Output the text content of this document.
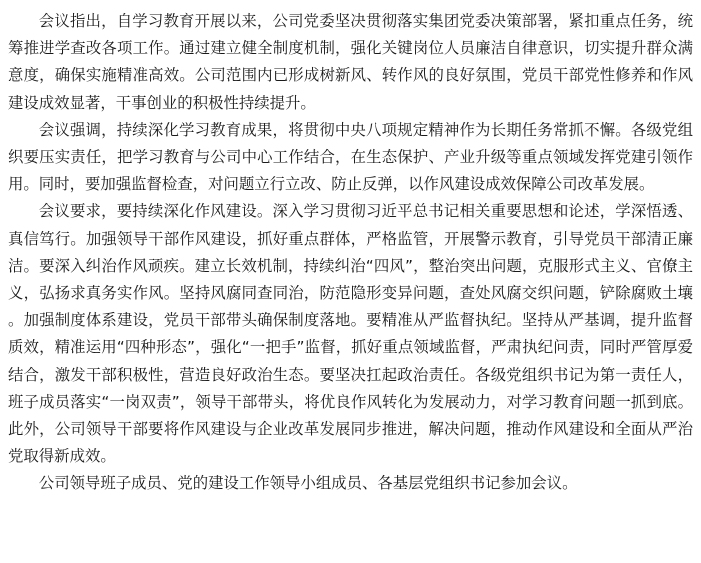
会议指出，自学习教育开展以来，公司党委坚决贯彻落实集团党委决策部署，紧扣重点任务，统筹推进学查改各项工作。通过建立健全制度机制，强化关键岗位人员廉洁自律意识，切实提升群众满意度，确保实施精准高效。公司范围内已形成树新风、转作风的良好氛围，党员干部党性修养和作风建设成效显著，干事创业的积极性持续提升。

会议强调，持续深化学习教育成果，将贯彻中央八项规定精神作为长期任务常抓不懈。各级党组织要压实责任，把学习教育与公司中心工作结合，在生态保护、产业升级等重点领域发挥党建引领作用。同时，要加强监督检查，对问题立行立改、防止反弹，以作风建设成效保障公司改革发展。

会议要求，要持续深化作风建设。深入学习贯彻习近平总书记相关重要思想和论述，学深悟透、真信笃行。加强领导干部作风建设，抓好重点群体，严格监管，开展警示教育，引导党员干部清正廉洁。要深入纠治作风顽疾。建立长效机制，持续纠治“四风”，整治突出问题，克服形式主义、官僚主义，弘扬求真务实作风。坚持风腐同查同治，防范隐形变异问题，查处风腐交织问题，铲除腐败土壤。加强制度体系建设，党员干部带头确保制度落地。要精准从严监督执纪。坚持从严基调，提升监督质效，精准运用“四种形态”，强化“一把手”监督，抓好重点领域监督，严肃执纪问责，同时严管厚爱结合，激发干部积极性，营造良好政治生态。要坚决扛起政治责任。各级党组织书记为第一责任人，班子成员落实“一岗双责”，领导干部带头，将优良作风转化为发展动力，对学习教育问题一抓到底。此外，公司领导干部要将作风建设与企业改革发展同步推进，解决问题，推动作风建设和全面从严治党取得新成效。

公司领导班子成员、党的建设工作领导小组成员、各基层党组织书记参加会议。
